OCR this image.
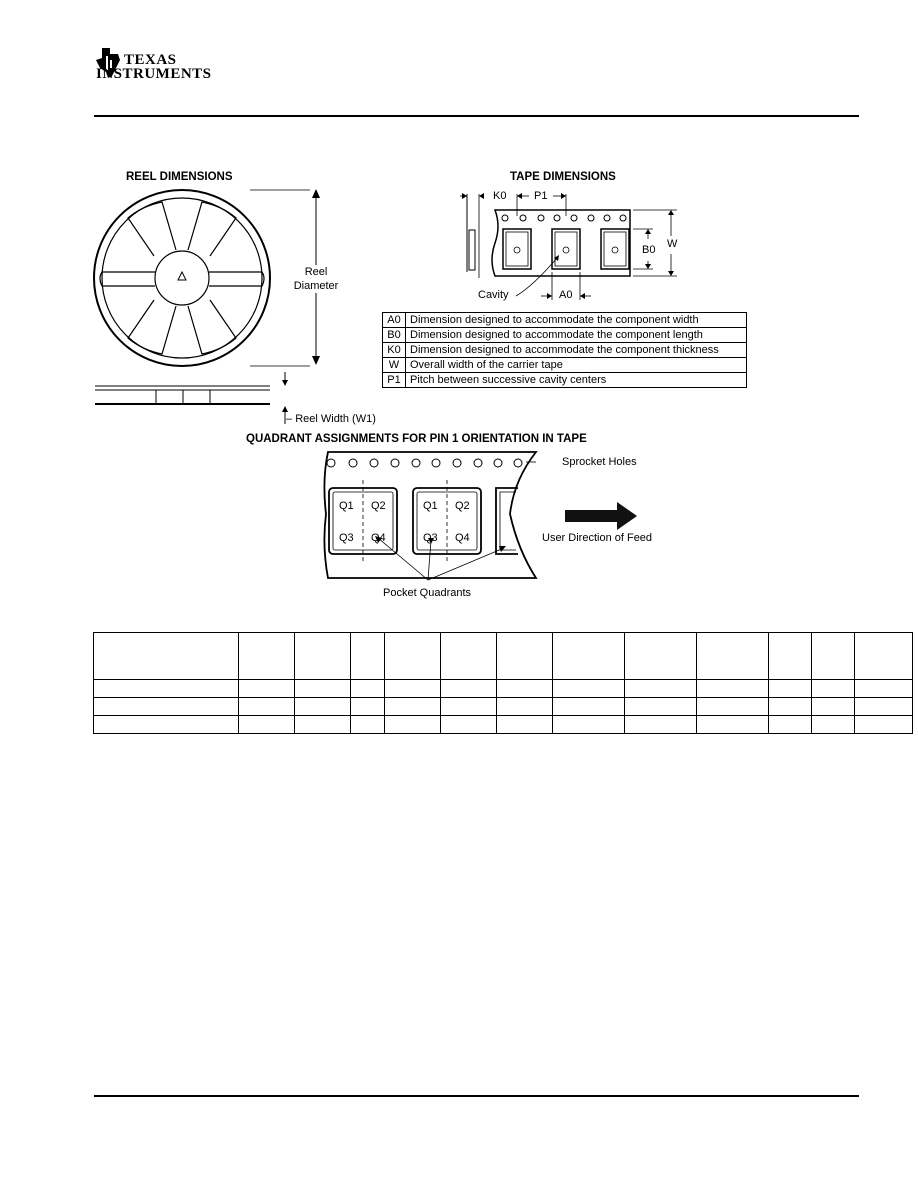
TEXAS
INSTRUMENTS
REEL DIMENSIONS
Reel
Diameter
– Reel Width (W1)
TAPE DIMENSIONS
K0	P1
B0 W
Cavity	A0
A0	Dimension designed to accommodate the component width
B0	Dimension designed to accommodate the component length
K0	Dimension designed to accommodate the component thickness
W	Overall width of the carrier tape
P1	Pitch between successive cavity centers
QUADRANT ASSIGNMENTS FOR PIN 1 ORIENTATION IN TAPE
Q1 Q2
Q3 Q4
Q1 Q2
Q3 Q4
Sprocket Holes
Pocket Quadrants
User Direction of Feed
